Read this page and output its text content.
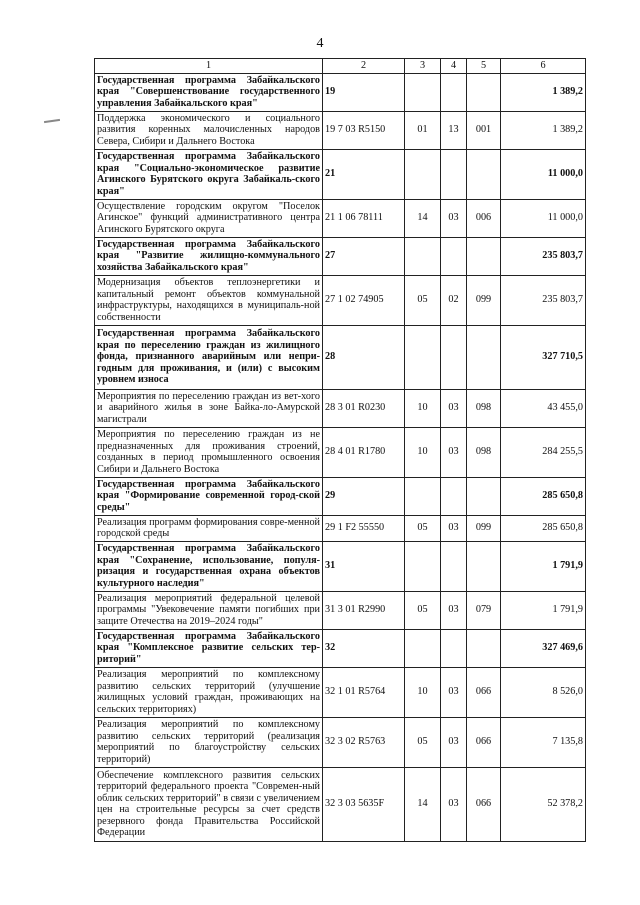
4
1	2	3	4	5	6
Государственная программа Забайкальского края "Совершенствование государственного управления Забайкальского края"	19				1 389,2
Поддержка экономического и социального развития коренных малочисленных народов Севера, Сибири и Дальнего Востока	19 7 03 R5150	01	13	001	1 389,2
Государственная программа Забайкальского края "Социально-экономическое развитие Агинского Бурятского округа Забайкаль-ского края"	21				11 000,0
Осуществление городским округом "Поселок Агинское" функций административного центра Агинского Бурятского округа	21 1 06 78111	14	03	006	11 000,0
Государственная программа Забайкальского края "Развитие жилищно-коммунального хозяйства Забайкальского края"	27				235 803,7
Модернизация объектов теплоэнергетики и капитальный ремонт объектов коммунальной инфраструктуры, находящихся в муниципаль-ной собственности	27 1 02 74905	05	02	099	235 803,7
Государственная программа Забайкальского края по переселению граждан из жилищного фонда, признанного аварийным или непри-годным для проживания, и (или) с высоким уровнем износа	28				327 710,5
Мероприятия по переселению граждан из вет-хого и аварийного жилья в зоне Байка-ло-Амурской магистрали	28 3 01 R0230	10	03	098	43 455,0
Мероприятия по переселению граждан из не предназначенных для проживания строений, созданных в период промышленного освоения Сибири и Дальнего Востока	28 4 01 R1780	10	03	098	284 255,5
Государственная программа Забайкальского края "Формирование современной город-ской среды"	29				285 650,8
Реализация программ формирования совре-менной городской среды	29 1 F2 55550	05	03	099	285 650,8
Государственная программа Забайкальского края "Сохранение, использование, популя-ризация и государственная охрана объектов культурного наследия"	31				1 791,9
Реализация мероприятий федеральной целевой программы "Увековечение памяти погибших при защите Отечества на 2019–2024 годы"	31 3 01 R2990	05	03	079	1 791,9
Государственная программа Забайкальского края "Комплексное развитие сельских тер-риторий"	32				327 469,6
Реализация мероприятий по комплексному развитию сельских территорий (улучшение жилищных условий граждан, проживающих на сельских территориях)	32 1 01 R5764	10	03	066	8 526,0
Реализация мероприятий по комплексному развитию сельских территорий (реализация мероприятий по благоустройству сельских территорий)	32 3 02 R5763	05	03	066	7 135,8
Обеспечение комплексного развития сельских территорий федерального проекта "Современ-ный облик сельских территорий" в связи с увеличением цен на строительные ресурсы за счет средств резервного фонда Правительства Российской Федерации	32 3 03 5635F	14	03	066	52 378,2
